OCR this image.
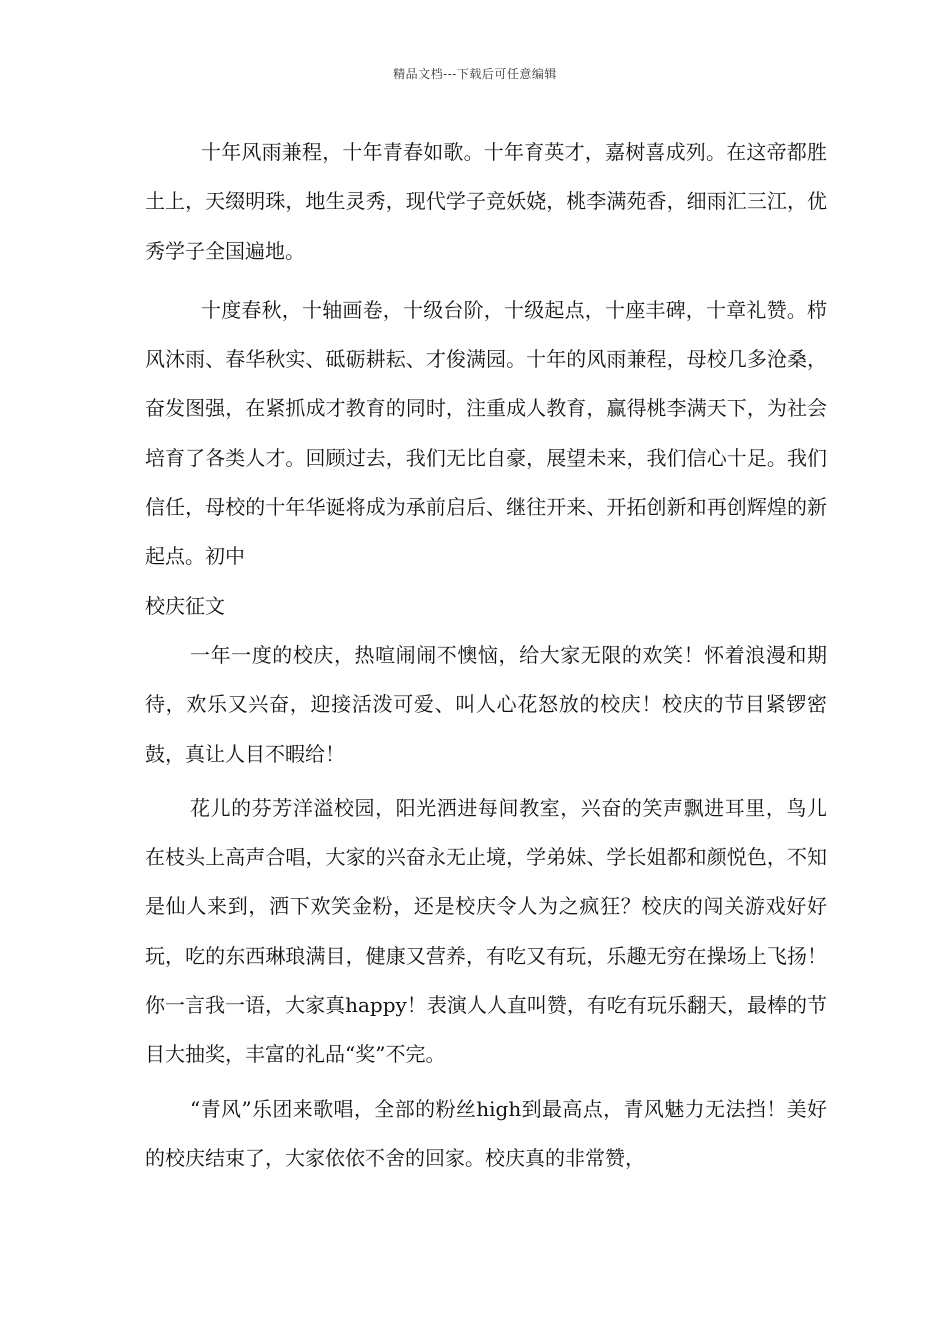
精品文档---下载后可任意编辑

十年风雨兼程，十年青春如歌。十年育英才，嘉树喜成列。在这帝都胜土上，天缀明珠，地生灵秀，现代学子竞妖娆，桃李满苑香，细雨汇三江，优秀学子全国遍地。

十度春秋，十轴画卷，十级台阶，十级起点，十座丰碑，十章礼赞。栉风沐雨、春华秋实、砥砺耕耘、才俊满园。十年的风雨兼程，母校几多沧桑，奋发图强，在紧抓成才教育的同时，注重成人教育，赢得桃李满天下，为社会培育了各类人才。回顾过去，我们无比自豪，展望未来，我们信心十足。我们信任，母校的十年华诞将成为承前启后、继往开来、开拓创新和再创辉煌的新起点。初中

校庆征文

一年一度的校庆，热喧闹闹不懊恼，给大家无限的欢笑！怀着浪漫和期待，欢乐又兴奋，迎接活泼可爱、叫人心花怒放的校庆！校庆的节目紧锣密鼓，真让人目不暇给！

花儿的芬芳洋溢校园，阳光洒进每间教室，兴奋的笑声飘进耳里，鸟儿在枝头上高声合唱，大家的兴奋永无止境，学弟妹、学长姐都和颜悦色，不知是仙人来到，洒下欢笑金粉，还是校庆令人为之疯狂？校庆的闯关游戏好好玩，吃的东西琳琅满目，健康又营养，有吃又有玩，乐趣无穷在操场上飞扬！你一言我一语，大家真happy！表演人人直叫赞，有吃有玩乐翻天，最棒的节目大抽奖，丰富的礼品“奖”不完。

“青风”乐团来歌唱，全部的粉丝high到最高点，青风魅力无法挡！美好的校庆结束了，大家依依不舍的回家。校庆真的非常赞，
